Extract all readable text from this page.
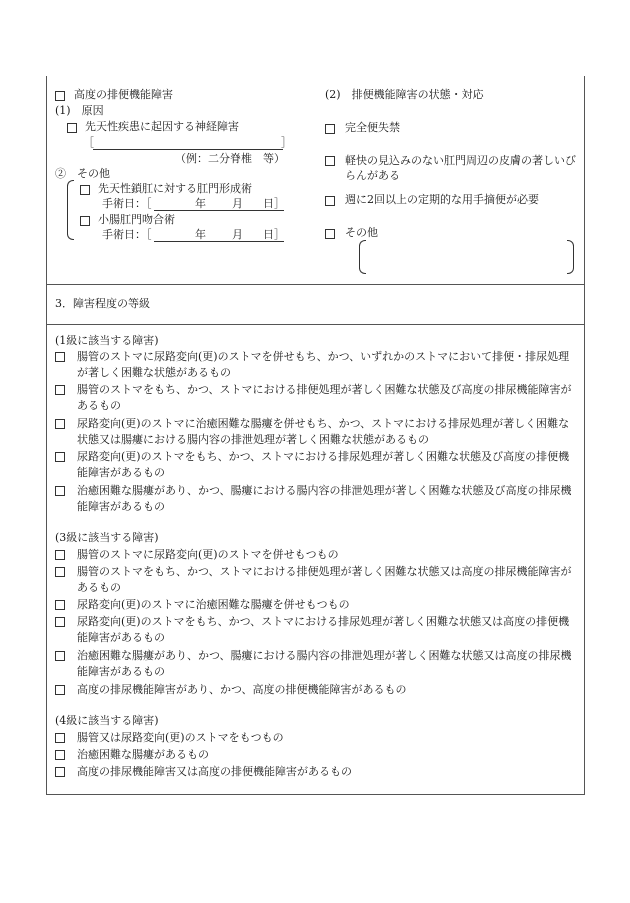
高度の排便機能障害
(1)　原因
先天性疾患に起因する神経障害
［	］
（例：二分脊椎　等）
②　その他
先天性鎖肛に対する肛門形成術
手術日：［	年 月 日］
小腸肛門吻合術
手術日：［	年 月 日］
(2)　排便機能障害の状態・対応
完全便失禁
軽快の見込みのない肛門周辺の皮膚の著しいびらんがある
週に2回以上の定期的な用手摘便が必要
その他
3．障害程度の等級
(1級に該当する障害)
腸管のストマに尿路変向(更)のストマを併せもち、かつ、いずれかのストマにおいて排便・排尿処理が著しく困難な状態があるもの
腸管のストマをもち、かつ、ストマにおける排便処理が著しく困難な状態及び高度の排尿機能障害があるもの
尿路変向(更)のストマに治癒困難な腸瘻を併せもち、かつ、ストマにおける排尿処理が著しく困難な状態又は腸瘻における腸内容の排泄処理が著しく困難な状態があるもの
尿路変向(更)のストマをもち、かつ、ストマにおける排尿処理が著しく困難な状態及び高度の排便機能障害があるもの
治癒困難な腸瘻があり、かつ、腸瘻における腸内容の排泄処理が著しく困難な状態及び高度の排尿機能障害があるもの
(3級に該当する障害)
腸管のストマに尿路変向(更)のストマを併せもつもの
腸管のストマをもち、かつ、ストマにおける排便処理が著しく困難な状態又は高度の排尿機能障害があるもの
尿路変向(更)のストマに治癒困難な腸瘻を併せもつもの
尿路変向(更)のストマをもち、かつ、ストマにおける排尿処理が著しく困難な状態又は高度の排便機能障害があるもの
治癒困難な腸瘻があり、かつ、腸瘻における腸内容の排泄処理が著しく困難な状態又は高度の排尿機能障害があるもの
高度の排尿機能障害があり、かつ、高度の排便機能障害があるもの
(4級に該当する障害)
腸管又は尿路変向(更)のストマをもつもの
治癒困難な腸瘻があるもの
高度の排尿機能障害又は高度の排便機能障害があるもの
